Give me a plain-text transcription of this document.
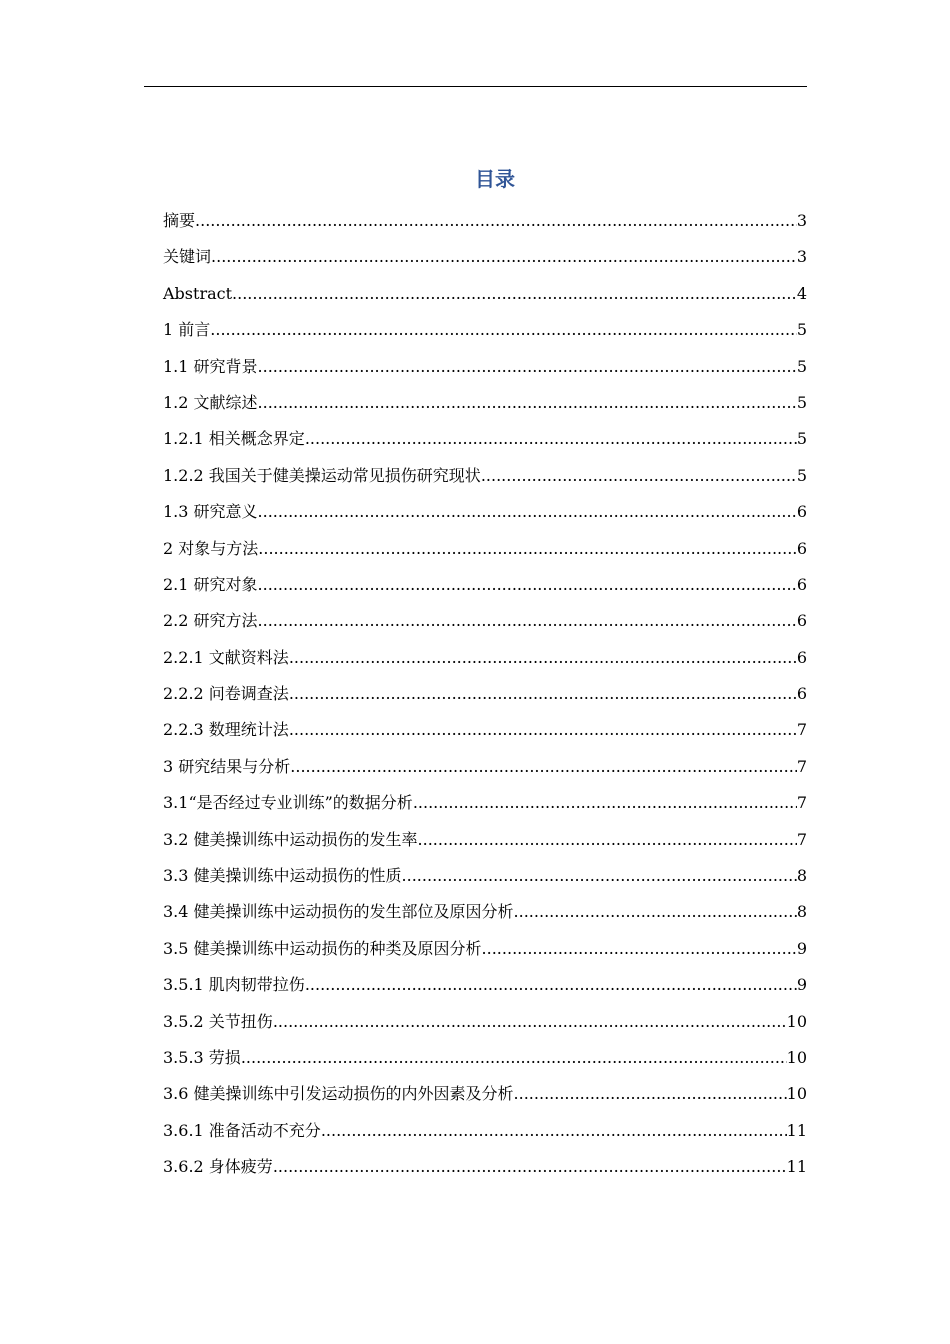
目录
摘要 .....	3
关键词 .....	3
Abstract .....	4
1 前言 .....	5
1.1 研究背景 .....	5
1.2 文献综述 .....	5
1.2.1 相关概念界定 .....	5
1.2.2 我国关于健美操运动常见损伤研究现状 .....	5
1.3 研究意义 .....	6
2 对象与方法 .....	6
2.1 研究对象 .....	6
2.2 研究方法 .....	6
2.2.1 文献资料法 .....	6
2.2.2 问卷调查法 .....	6
2.2.3 数理统计法 .....	7
3 研究结果与分析 .....	7
3.1“是否经过专业训练”的数据分析 .....	7
3.2 健美操训练中运动损伤的发生率 .....	7
3.3 健美操训练中运动损伤的性质 .....	8
3.4 健美操训练中运动损伤的发生部位及原因分析 .....	8
3.5 健美操训练中运动损伤的种类及原因分析 .....	9
3.5.1 肌肉韧带拉伤 .....	9
3.5.2 关节扭伤 .....	10
3.5.3 劳损 .....	10
3.6 健美操训练中引发运动损伤的内外因素及分析 .....	10
3.6.1 准备活动不充分 .....	11
3.6.2 身体疲劳 .....	11
